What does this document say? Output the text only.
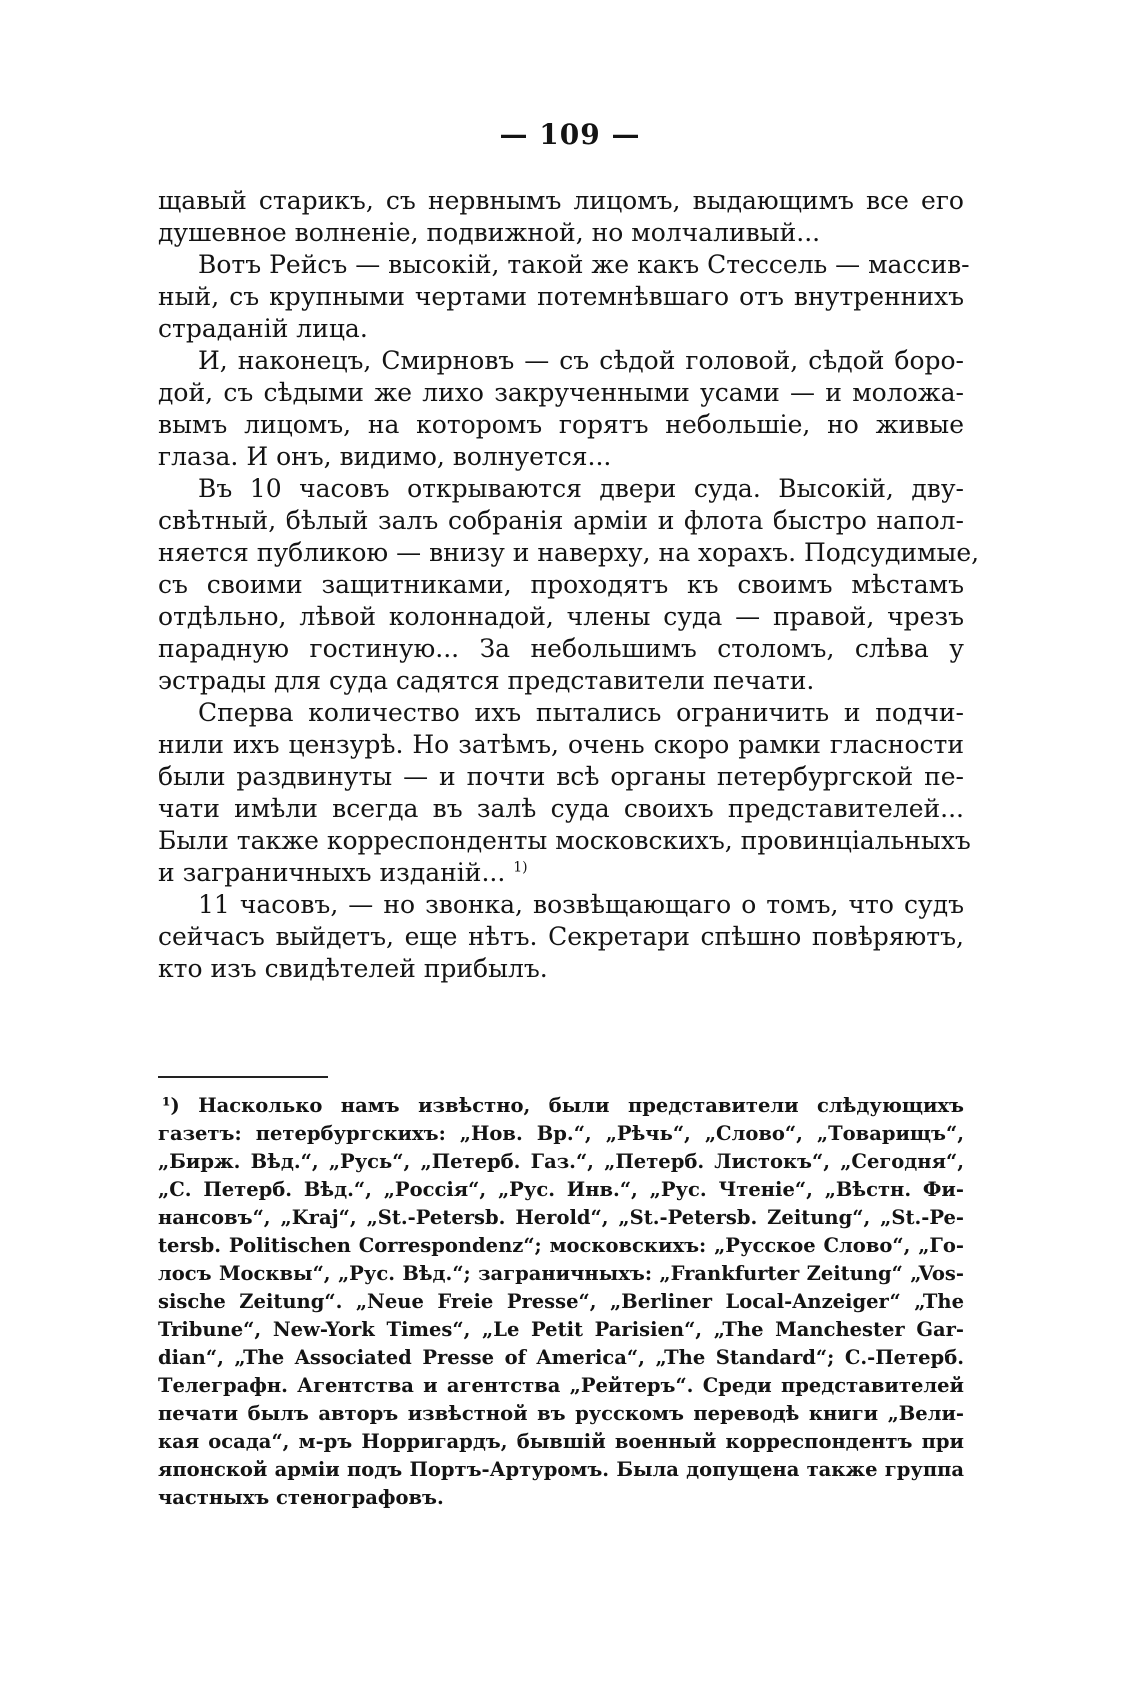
— 109 —

щавый старикъ, съ нервнымъ лицомъ, выдающимъ все его
душевное волненіе, подвижной, но молчаливый...

Вотъ Рейсъ — высокій, такой же какъ Стессель — массив-
ный, съ крупными чертами потемнѣвшаго отъ внутреннихъ
страданій лица.

И, наконецъ, Смирновъ — съ сѣдой головой, сѣдой боро-
дой, съ сѣдыми же лихо закрученными усами — и моложа-
вымъ лицомъ, на которомъ горятъ небольшіе, но живые
глаза. И онъ, видимо, волнуется...

Въ 10 часовъ открываются двери суда. Высокій, дву-
свѣтный, бѣлый залъ собранія арміи и флота быстро напол-
няется публикою — внизу и наверху, на хорахъ. Подсудимые,
съ своими защитниками, проходятъ къ своимъ мѣстамъ
отдѣльно, лѣвой колоннадой, члены суда — правой, чрезъ
парадную гостиную... За небольшимъ столомъ, слѣва у
эстрады для суда садятся представители печати.

Сперва количество ихъ пытались ограничить и подчи-
нили ихъ цензурѣ. Но затѣмъ, очень скоро рамки гласности
были раздвинуты — и почти всѣ органы петербургской пе-
чати имѣли всегда въ залѣ суда своихъ представителей...
Были также корреспонденты московскихъ, провинціальныхъ
и заграничныхъ изданій... $^{1)}$

11 часовъ, — но звонка, возвѣщающаго о томъ, что судъ
сейчасъ выйдетъ, еще нѣтъ. Секретари спѣшно повѣряютъ,
кто изъ свидѣтелей прибылъ.

¹) Насколько намъ извѣстно, были представители слѣдующихъ
газетъ: петербургскихъ: „Нов. Вр.“, „Рѣчь“, „Слово“, „Товарищъ“,
„Бирж. Вѣд.“, „Русь“, „Петерб. Газ.“, „Петерб. Листокъ“, „Сегодня“,
„С. Петерб. Вѣд.“, „Россія“, „Рус. Инв.“, „Рус. Чтеніе“, „Вѣстн. Фи-
нансовъ“, „Kraj“, „St.-Petersb. Herold“, „St.-Petersb. Zeitung“, „St.-Pe-
tersb. Politischen Correspondenz“; московскихъ: „Русское Слово“, „Го-
лосъ Москвы“, „Рус. Вѣд.“; заграничныхъ: „Frankfurter Zeitung“ „Vos-
sische Zeitung“. „Neue Freie Presse“, „Berliner Local-Anzeiger“ „The
Tribune“, New-York Times“, „Le Petit Parisien“, „The Manchester Gar-
dian“, „The Associated Presse of America“, „The Standard“; С.-Петерб.
Телеграфн. Агентства и агентства „Рейтеръ“. Среди представителей
печати былъ авторъ извѣстной въ русскомъ переводѣ книги „Вели-
кая осада“, м-ръ Норригардъ, бывшій военный корреспондентъ при
японской арміи подъ Портъ-Артуромъ. Была допущена также группа
частныхъ стенографовъ.
